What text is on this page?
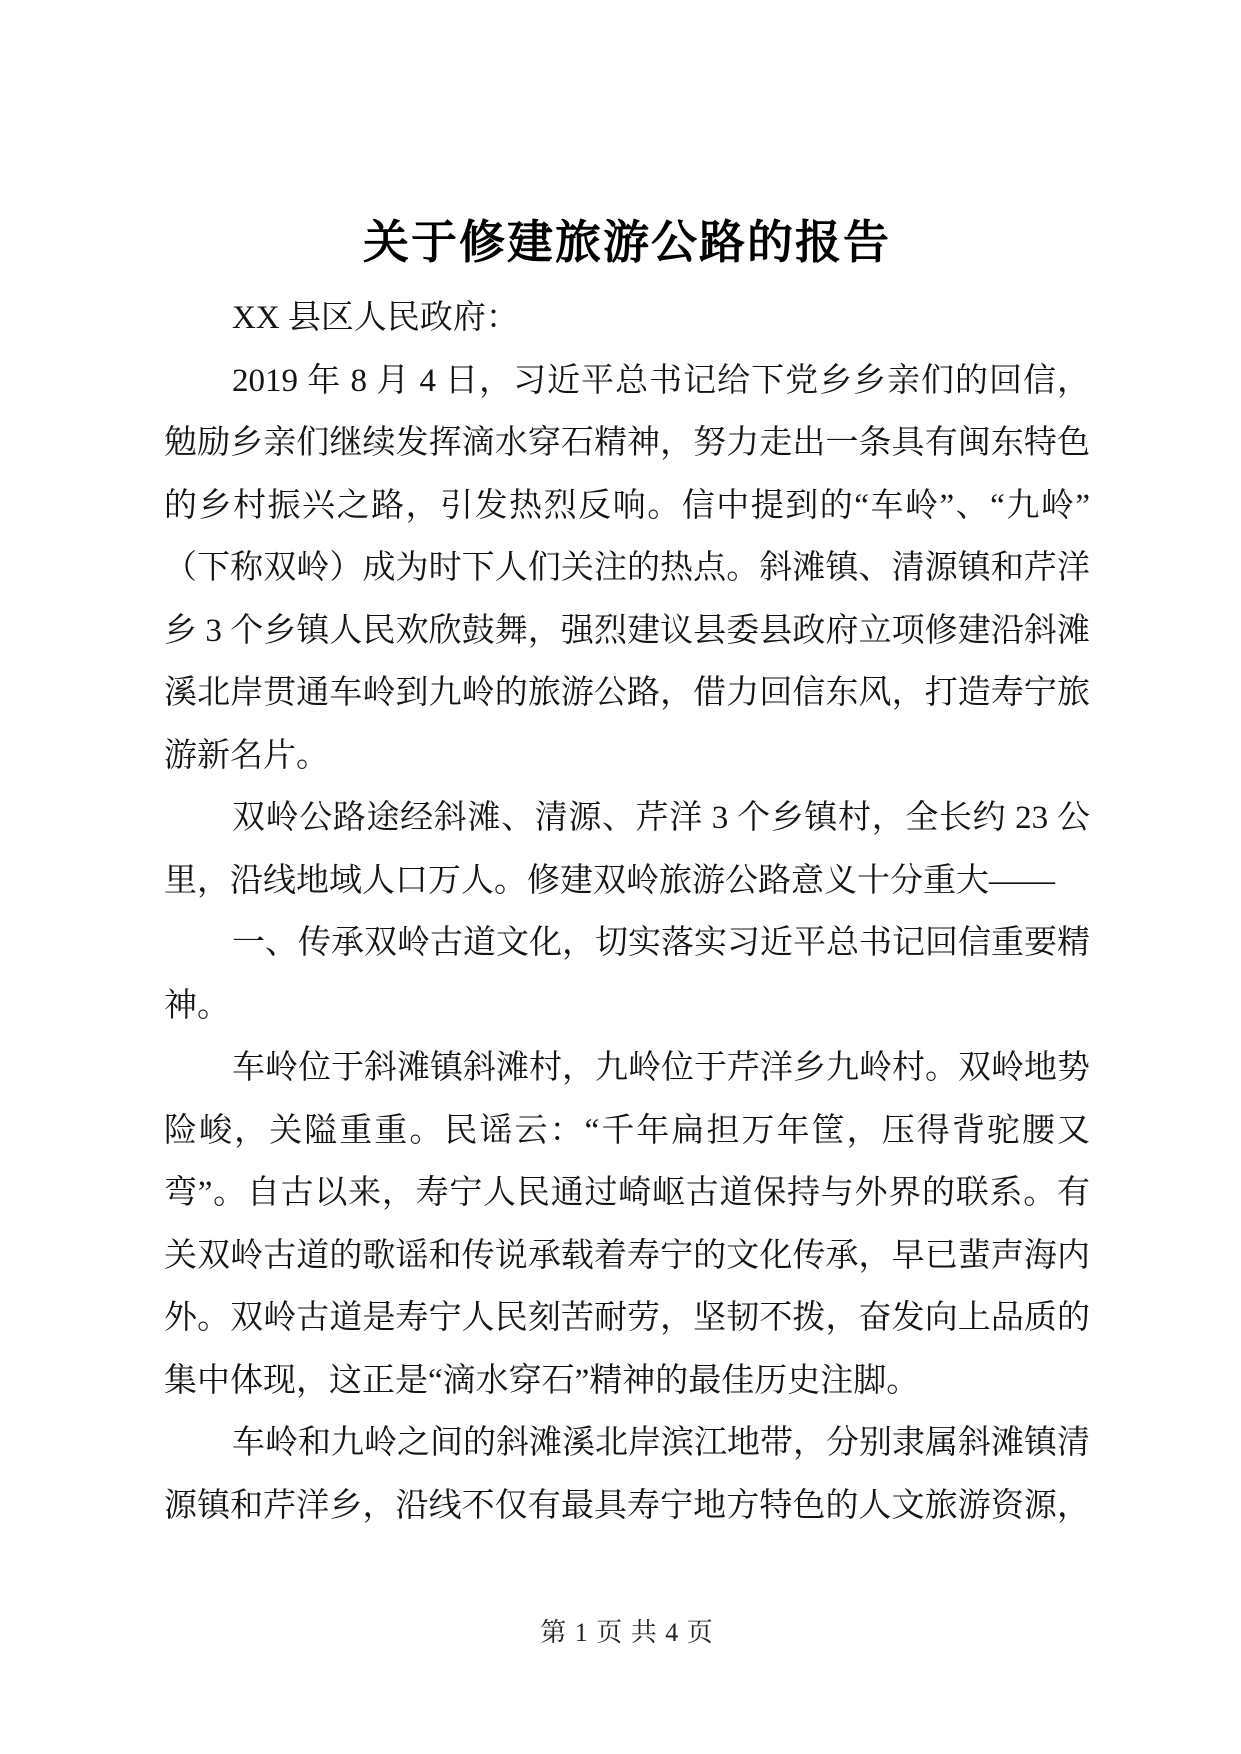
关于修建旅游公路的报告
XX 县区人民政府：
2019 年 8 月 4 日，习近平总书记给下党乡乡亲们的回信，
勉励乡亲们继续发挥滴水穿石精神，努力走出一条具有闽东特色
的乡村振兴之路，引发热烈反响。信中提到的“车岭”、“九岭”
（下称双岭）成为时下人们关注的热点。斜滩镇、清源镇和芹洋
乡 3 个乡镇人民欢欣鼓舞，强烈建议县委县政府立项修建沿斜滩
溪北岸贯通车岭到九岭的旅游公路，借力回信东风，打造寿宁旅
游新名片。
双岭公路途经斜滩、清源、芹洋 3 个乡镇村，全长约 23 公
里，沿线地域人口万人。修建双岭旅游公路意义十分重大——
一、传承双岭古道文化，切实落实习近平总书记回信重要精
神。
车岭位于斜滩镇斜滩村，九岭位于芹洋乡九岭村。双岭地势
险峻，关隘重重。民谣云：“千年扁担万年筐，压得背驼腰又
弯”。自古以来，寿宁人民通过崎岖古道保持与外界的联系。有
关双岭古道的歌谣和传说承载着寿宁的文化传承，早已蜚声海内
外。双岭古道是寿宁人民刻苦耐劳，坚韧不拨，奋发向上品质的
集中体现，这正是“滴水穿石”精神的最佳历史注脚。
车岭和九岭之间的斜滩溪北岸滨江地带，分别隶属斜滩镇清
源镇和芹洋乡，沿线不仅有最具寿宁地方特色的人文旅游资源，
第 1 页 共 4 页
